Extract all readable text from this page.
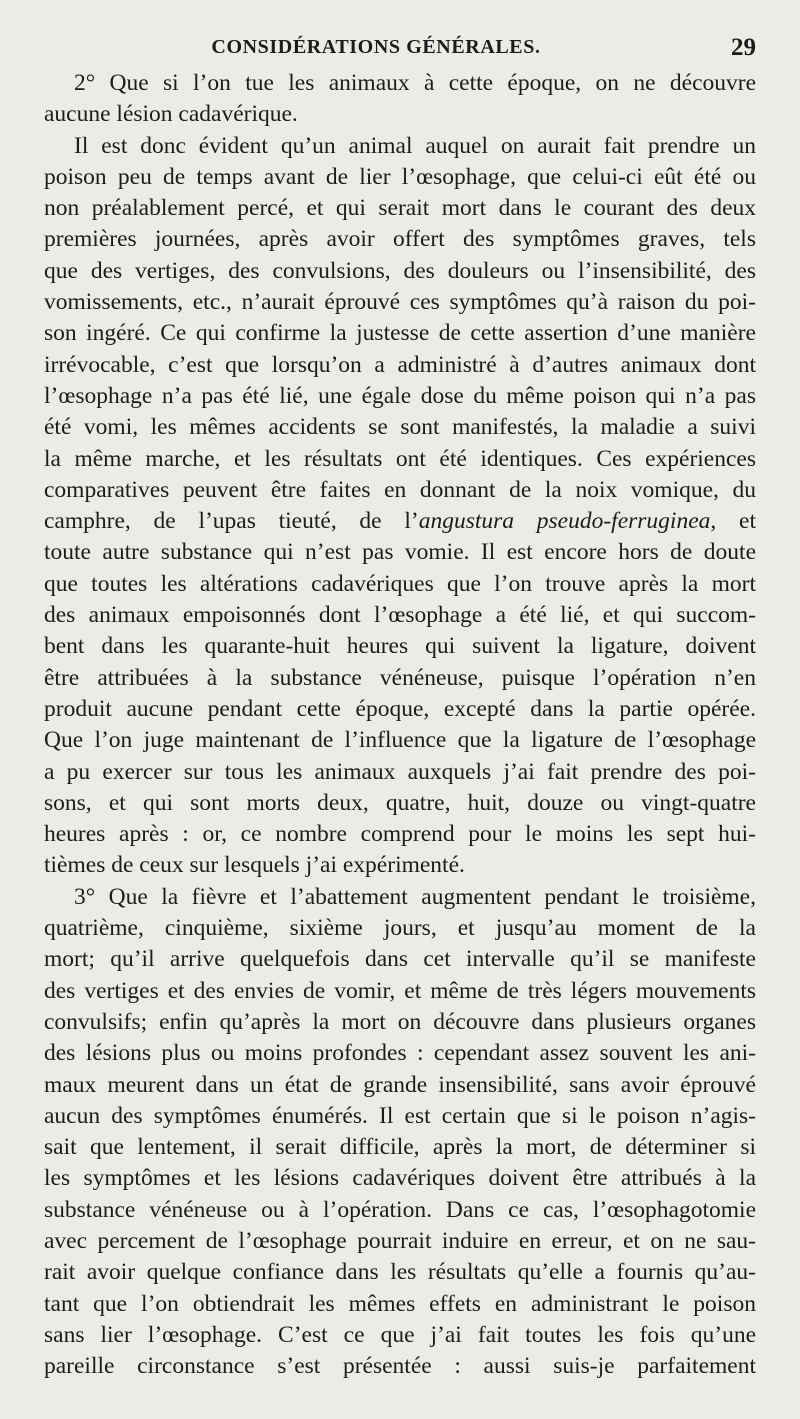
CONSIDÉRATIONS GÉNÉRALES.	29
2° Que si l’on tue les animaux à cette époque, on ne découvre
aucune lésion cadavérique.
Il est donc évident qu’un animal auquel on aurait fait prendre un
poison peu de temps avant de lier l’œsophage, que celui-ci eût été ou
non préalablement percé, et qui serait mort dans le courant des deux
premières journées, après avoir offert des symptômes graves, tels
que des vertiges, des convulsions, des douleurs ou l’insensibilité, des
vomissements, etc., n’aurait éprouvé ces symptômes qu’à raison du poi-
son ingéré. Ce qui confirme la justesse de cette assertion d’une manière
irrévocable, c’est que lorsqu’on a administré à d’autres animaux dont
l’œsophage n’a pas été lié, une égale dose du même poison qui n’a pas
été vomi, les mêmes accidents se sont manifestés, la maladie a suivi
la même marche, et les résultats ont été identiques. Ces expériences
comparatives peuvent être faites en donnant de la noix vomique, du
camphre, de l’upas tieuté, de l’angustura pseudo-ferruginea, et
toute autre substance qui n’est pas vomie. Il est encore hors de doute
que toutes les altérations cadavériques que l’on trouve après la mort
des animaux empoisonnés dont l’œsophage a été lié, et qui succom-
bent dans les quarante-huit heures qui suivent la ligature, doivent
être attribuées à la substance vénéneuse, puisque l’opération n’en
produit aucune pendant cette époque, excepté dans la partie opérée.
Que l’on juge maintenant de l’influence que la ligature de l’œsophage
a pu exercer sur tous les animaux auxquels j’ai fait prendre des poi-
sons, et qui sont morts deux, quatre, huit, douze ou vingt-quatre
heures après : or, ce nombre comprend pour le moins les sept hui-
tièmes de ceux sur lesquels j’ai expérimenté.
3° Que la fièvre et l’abattement augmentent pendant le troisième,
quatrième, cinquième, sixième jours, et jusqu’au moment de la
mort; qu’il arrive quelquefois dans cet intervalle qu’il se manifeste
des vertiges et des envies de vomir, et même de très légers mouvements
convulsifs; enfin qu’après la mort on découvre dans plusieurs organes
des lésions plus ou moins profondes : cependant assez souvent les ani-
maux meurent dans un état de grande insensibilité, sans avoir éprouvé
aucun des symptômes énumérés. Il est certain que si le poison n’agis-
sait que lentement, il serait difficile, après la mort, de déterminer si
les symptômes et les lésions cadavériques doivent être attribués à la
substance vénéneuse ou à l’opération. Dans ce cas, l’œsophagotomie
avec percement de l’œsophage pourrait induire en erreur, et on ne sau-
rait avoir quelque confiance dans les résultats qu’elle a fournis qu’au-
tant que l’on obtiendrait les mêmes effets en administrant le poison
sans lier l’œsophage. C’est ce que j’ai fait toutes les fois qu’une
pareille circonstance s’est présentée : aussi suis-je parfaitement
